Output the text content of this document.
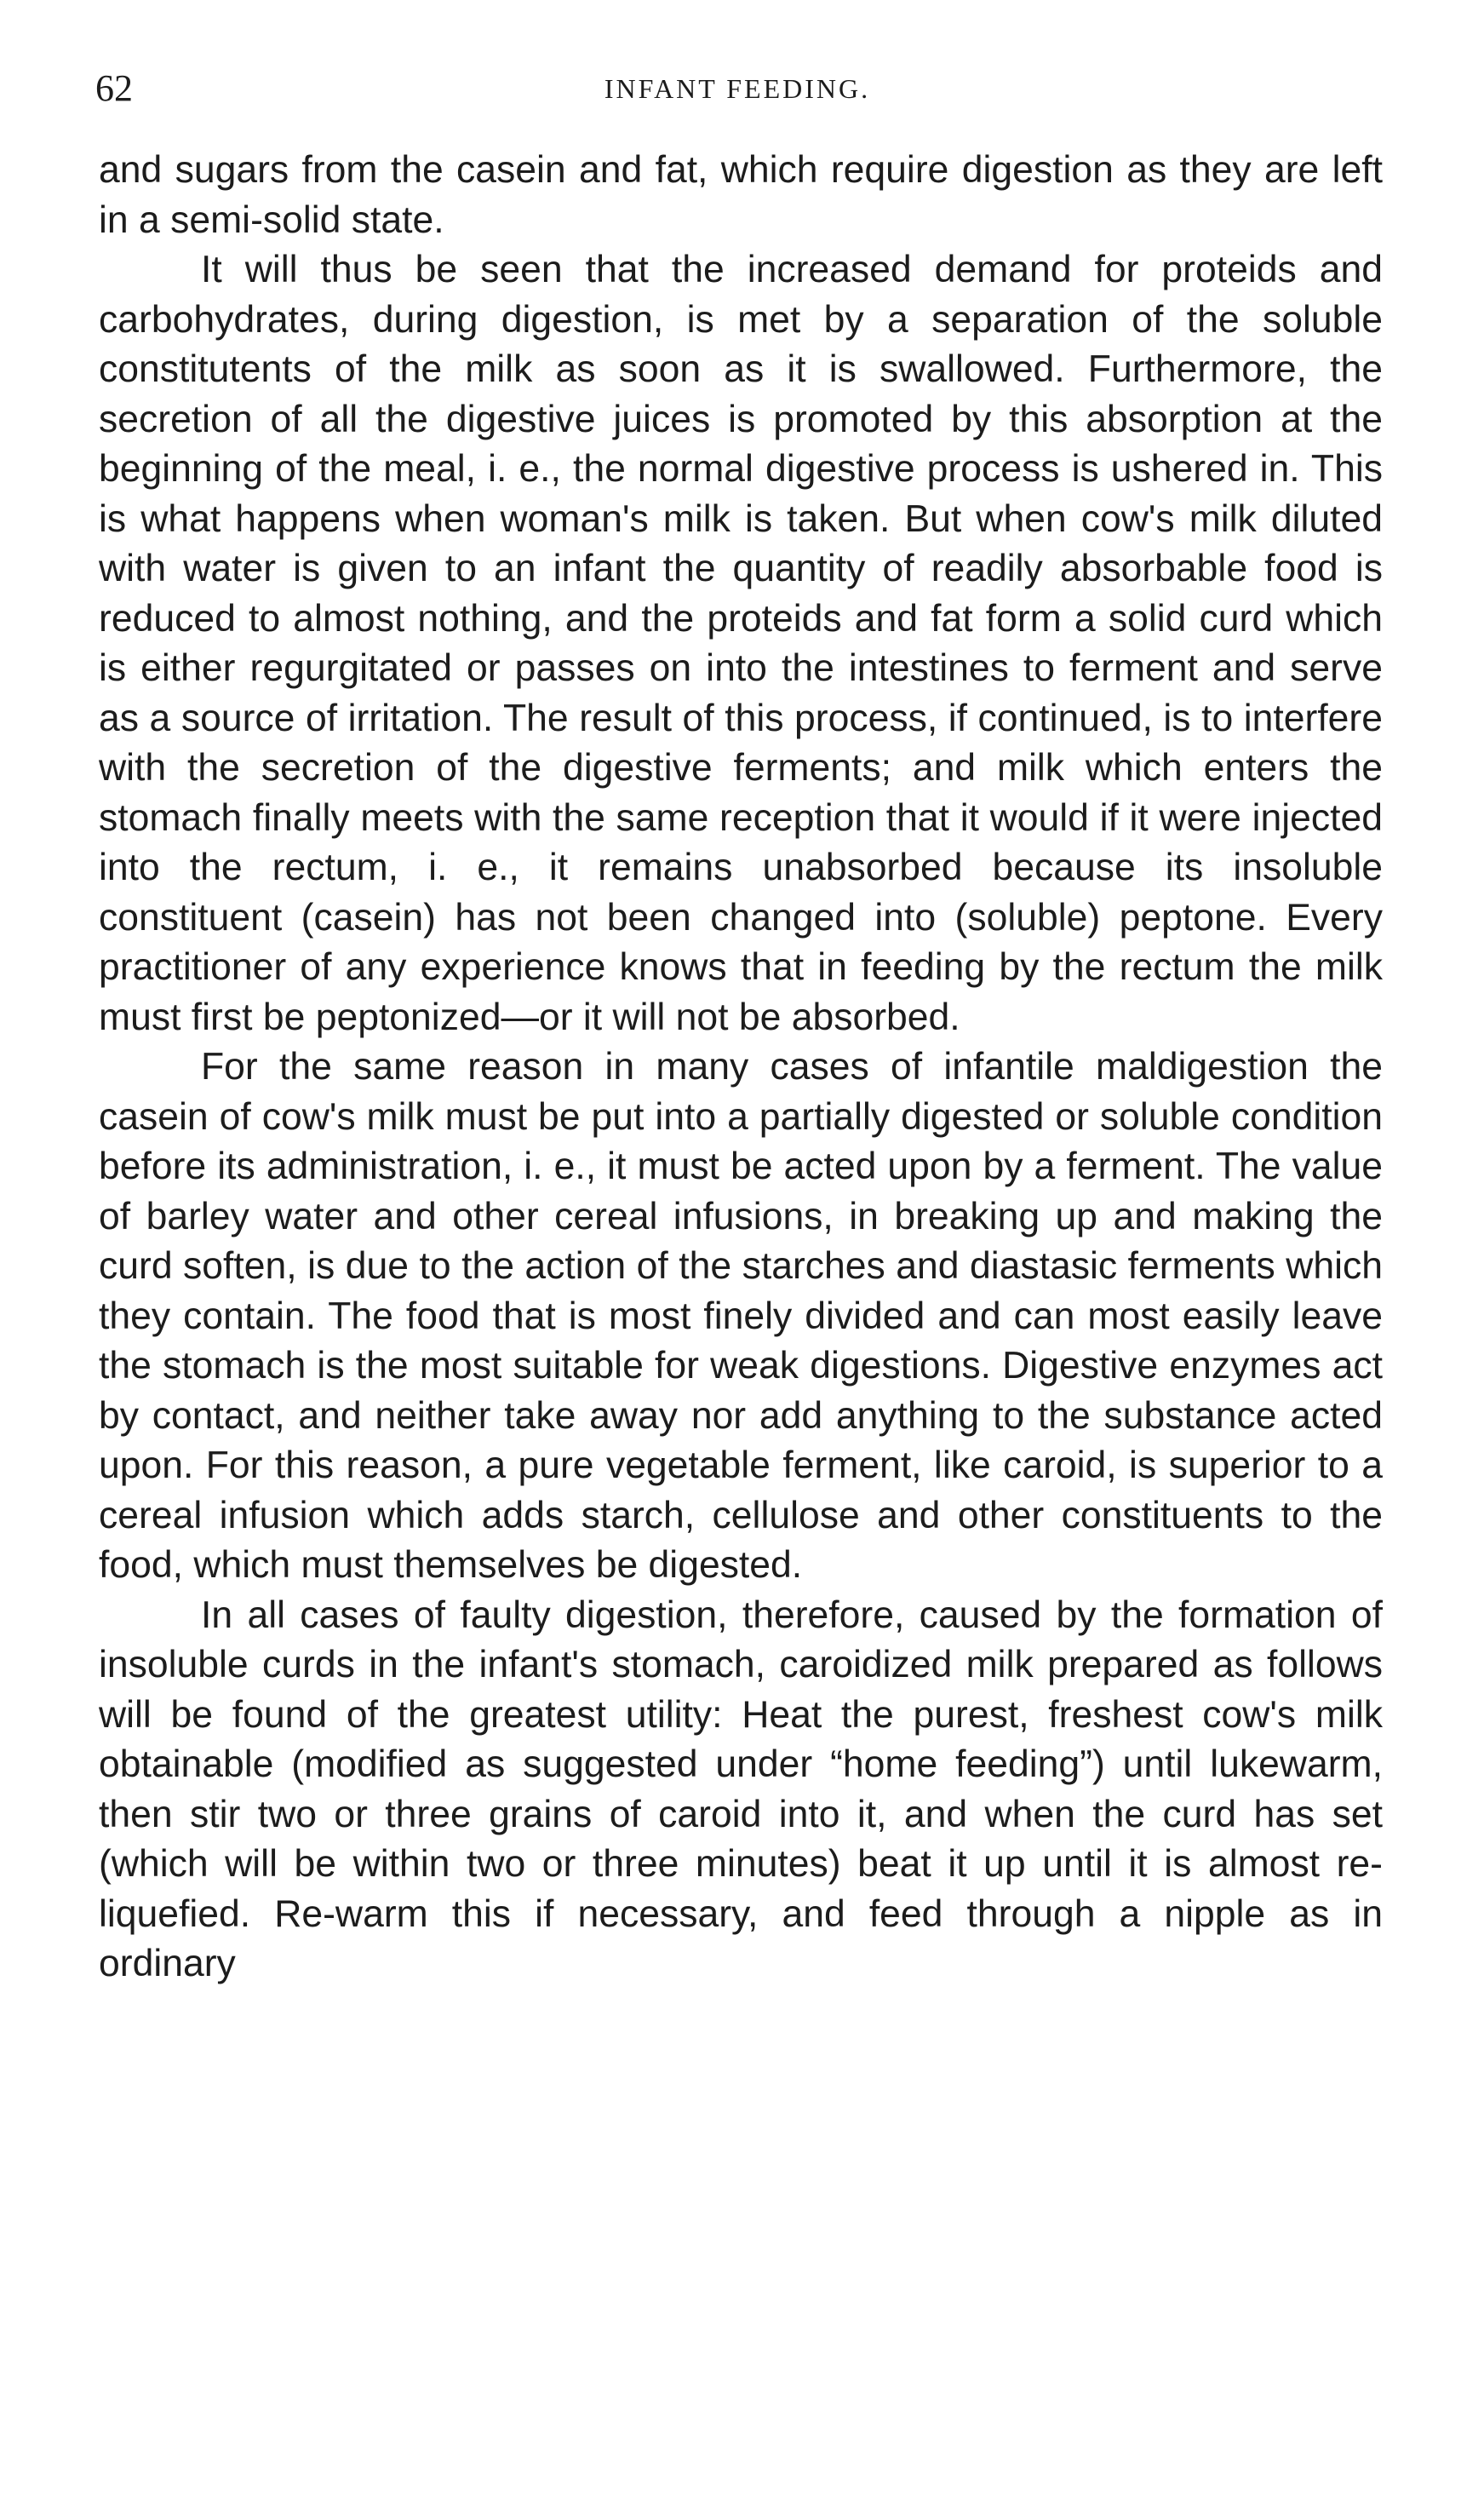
62	INFANT FEEDING.

and sugars from the casein and fat, which require digestion as they are left in a semi-solid state.

It will thus be seen that the increased demand for proteids and carbohydrates, during digestion, is met by a separation of the soluble constitutents of the milk as soon as it is swallowed. Furthermore, the secretion of all the digestive juices is promoted by this absorption at the beginning of the meal, i. e., the normal digestive process is ushered in. This is what happens when woman's milk is taken. But when cow's milk diluted with water is given to an infant the quantity of readily absorbable food is reduced to almost nothing, and the proteids and fat form a solid curd which is either regurgitated or passes on into the intestines to ferment and serve as a source of irritation. The result of this process, if continued, is to interfere with the secretion of the digestive ferments; and milk which enters the stomach finally meets with the same reception that it would if it were injected into the rectum, i. e., it remains unabsorbed because its insoluble constituent (casein) has not been changed into (soluble) peptone. Every practitioner of any experience knows that in feeding by the rectum the milk must first be peptonized—or it will not be absorbed.

For the same reason in many cases of infantile maldigestion the casein of cow's milk must be put into a partially digested or soluble condition before its administration, i. e., it must be acted upon by a ferment. The value of barley water and other cereal infusions, in breaking up and making the curd soften, is due to the action of the starches and diastasic ferments which they contain. The food that is most finely divided and can most easily leave the stomach is the most suitable for weak digestions. Digestive enzymes act by contact, and neither take away nor add anything to the substance acted upon. For this reason, a pure vegetable ferment, like caroid, is superior to a cereal infusion which adds starch, cellulose and other constituents to the food, which must themselves be digested.

In all cases of faulty digestion, therefore, caused by the formation of insoluble curds in the infant's stomach, caroidized milk prepared as follows will be found of the greatest utility: Heat the purest, freshest cow's milk obtainable (modified as suggested under “home feeding”) until lukewarm, then stir two or three grains of caroid into it, and when the curd has set (which will be within two or three minutes) beat it up until it is almost re-liquefied. Re-warm this if necessary, and feed through a nipple as in ordinary
